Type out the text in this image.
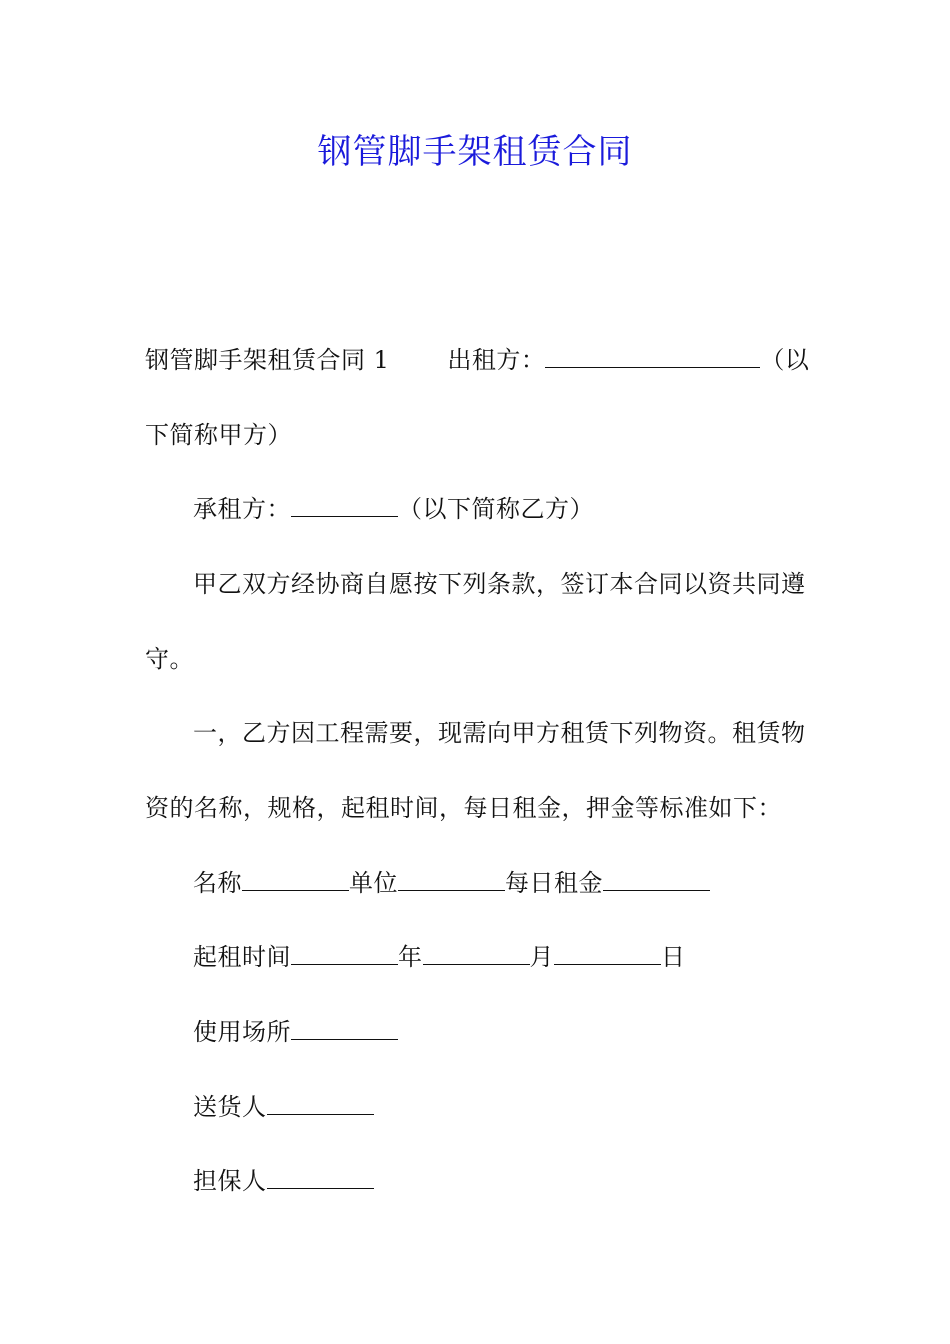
钢管脚手架租赁合同
钢管脚手架租赁合同 1 出租方：	（以
下简称甲方）
承租方：	（以下简称乙方）
甲乙双方经协商自愿按下列条款，签订本合同以资共同遵
守。
一，乙方因工程需要，现需向甲方租赁下列物资。租赁物
资的名称，规格，起租时间，每日租金，押金等标准如下：
名称	单位	每日租金
起租时间	年	月	日
使用场所
送货人
担保人
